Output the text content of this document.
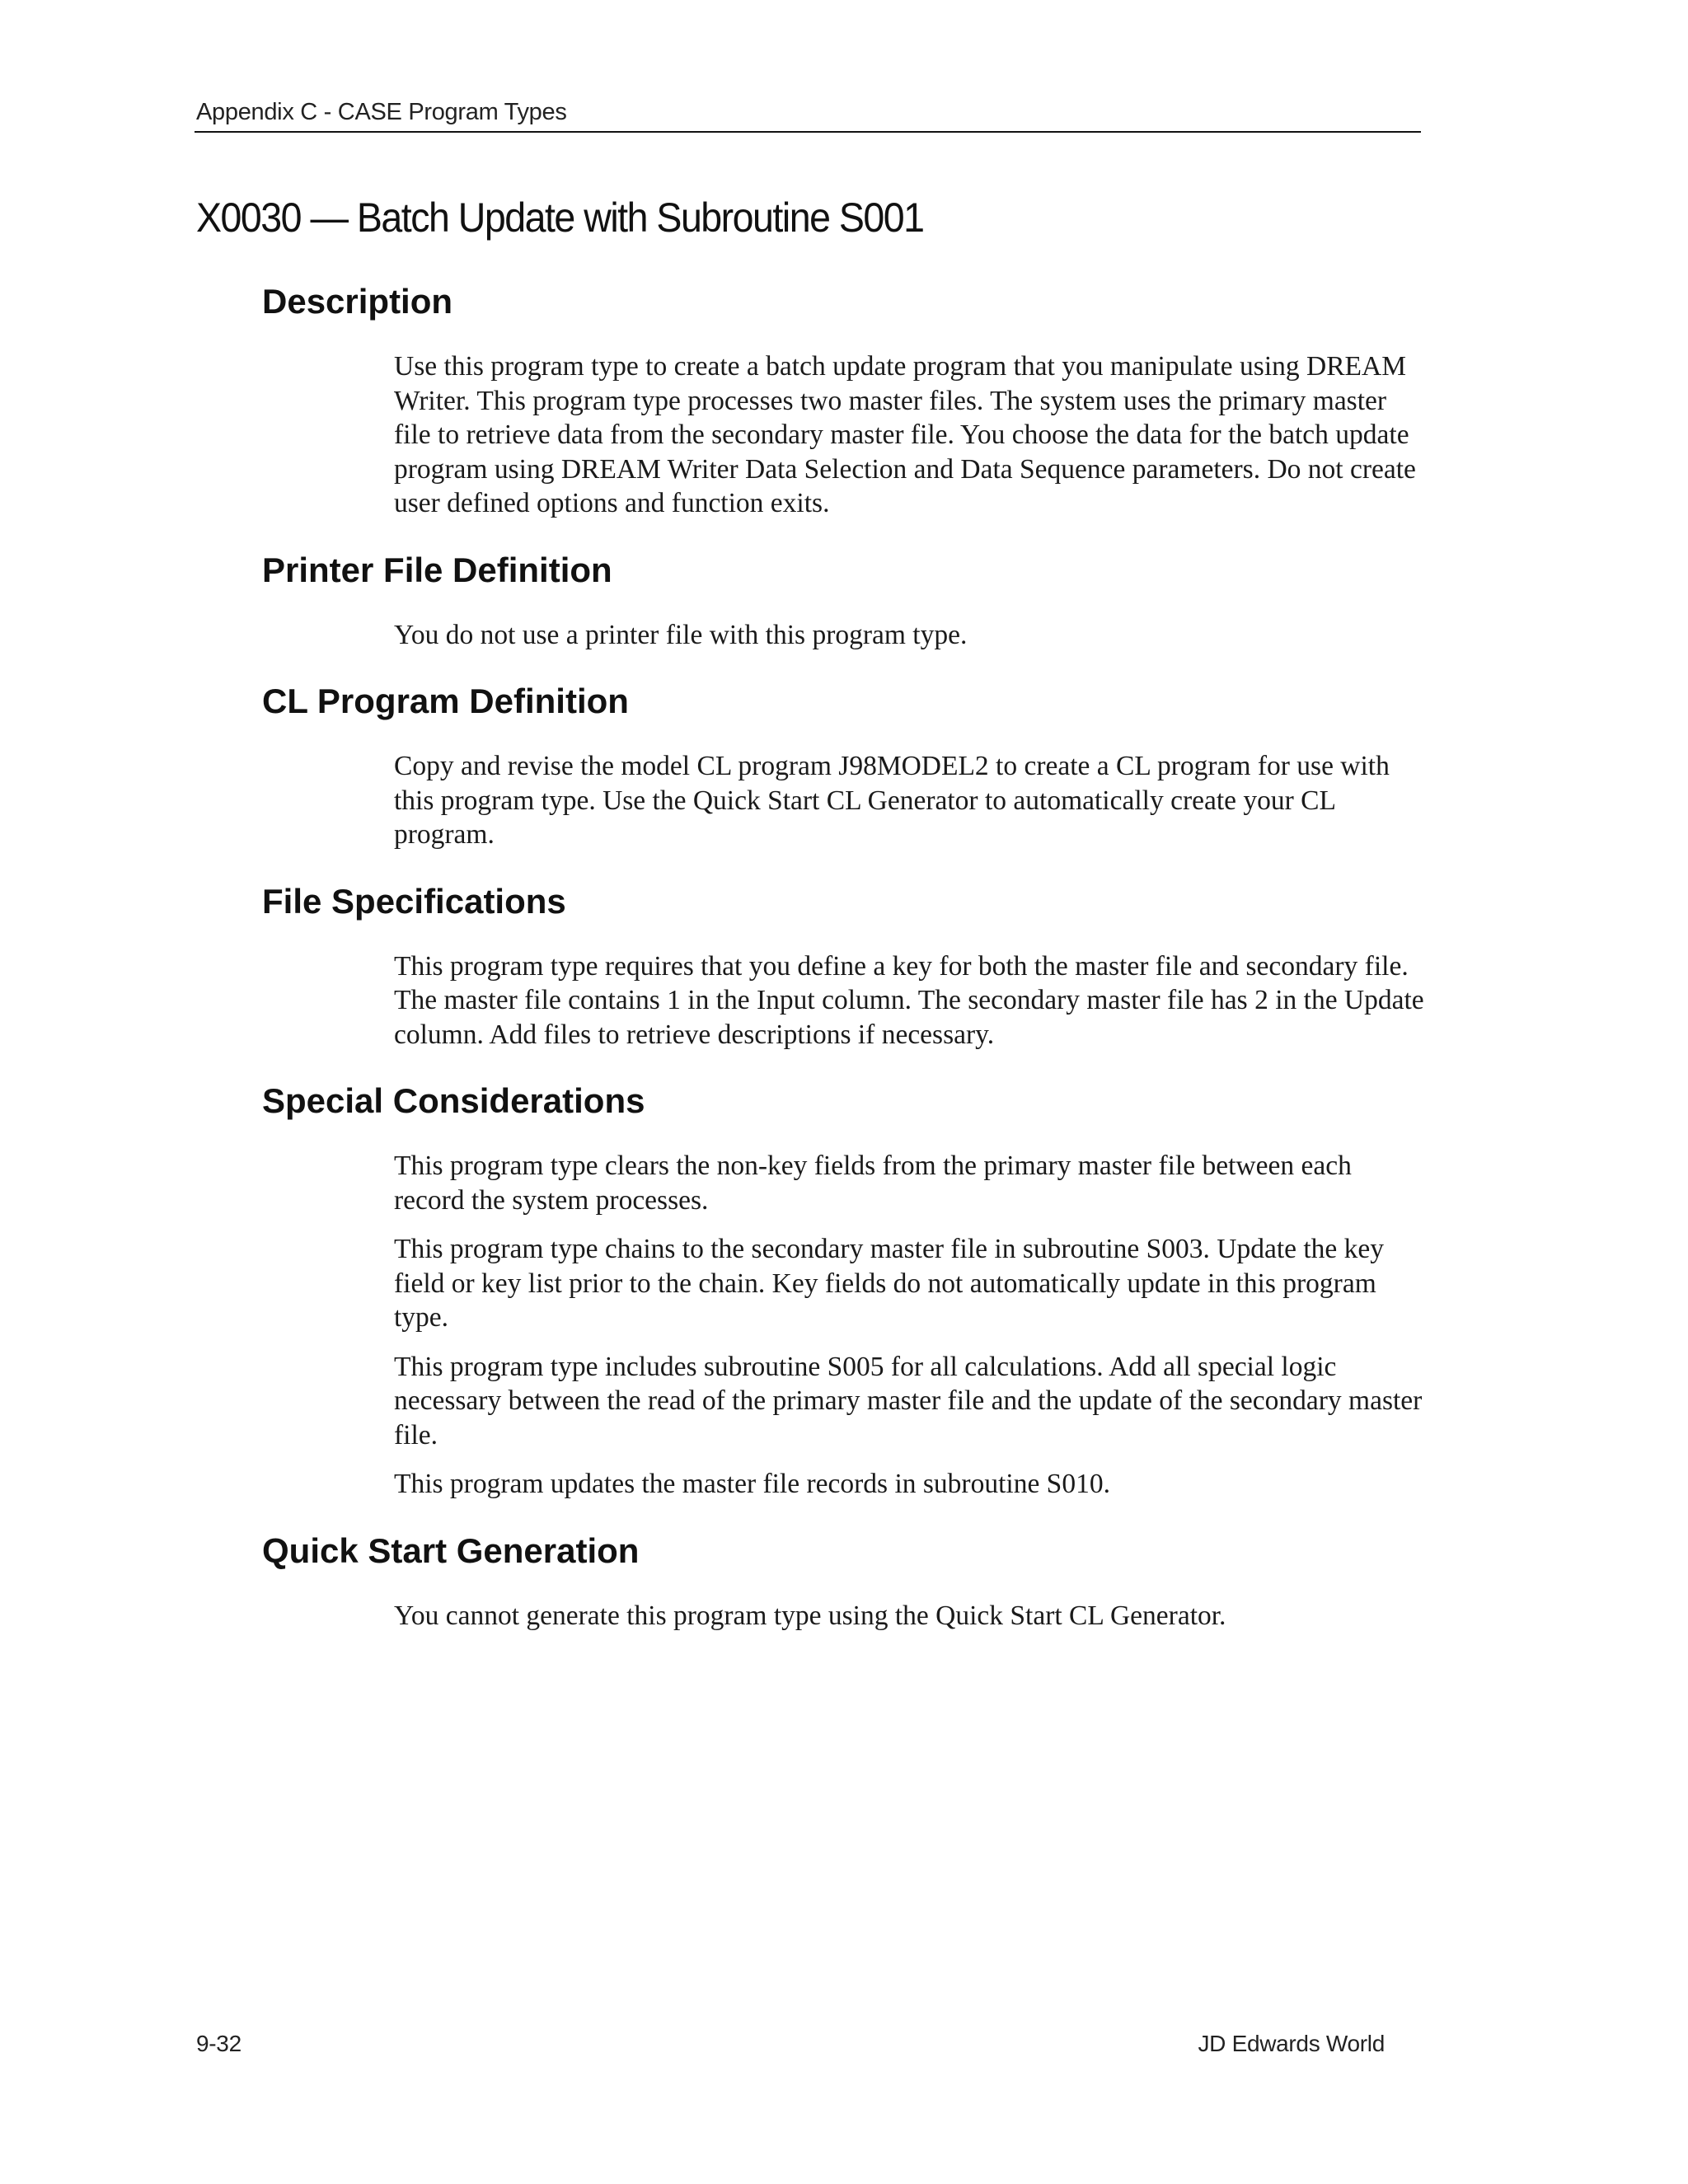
Appendix C - CASE Program Types
X0030 — Batch Update with Subroutine S001
Description

Use this program type to create a batch update program that you manipulate using DREAM Writer. This program type processes two master files. The system uses the primary master file to retrieve data from the secondary master file. You choose the data for the batch update program using DREAM Writer Data Selection and Data Sequence parameters. Do not create user defined options and function exits.

Printer File Definition

You do not use a printer file with this program type.

CL Program Definition

Copy and revise the model CL program J98MODEL2 to create a CL program for use with this program type. Use the Quick Start CL Generator to automatically create your CL program.

File Specifications

This program type requires that you define a key for both the master file and secondary file. The master file contains 1 in the Input column. The secondary master file has 2 in the Update column. Add files to retrieve descriptions if necessary.

Special Considerations

This program type clears the non-key fields from the primary master file between each record the system processes.

This program type chains to the secondary master file in subroutine S003. Update the key field or key list prior to the chain. Key fields do not automatically update in this program type.

This program type includes subroutine S005 for all calculations. Add all special logic necessary between the read of the primary master file and the update of the secondary master file.

This program updates the master file records in subroutine S010.

Quick Start Generation

You cannot generate this program type using the Quick Start CL Generator.

9-32	JD Edwards World
